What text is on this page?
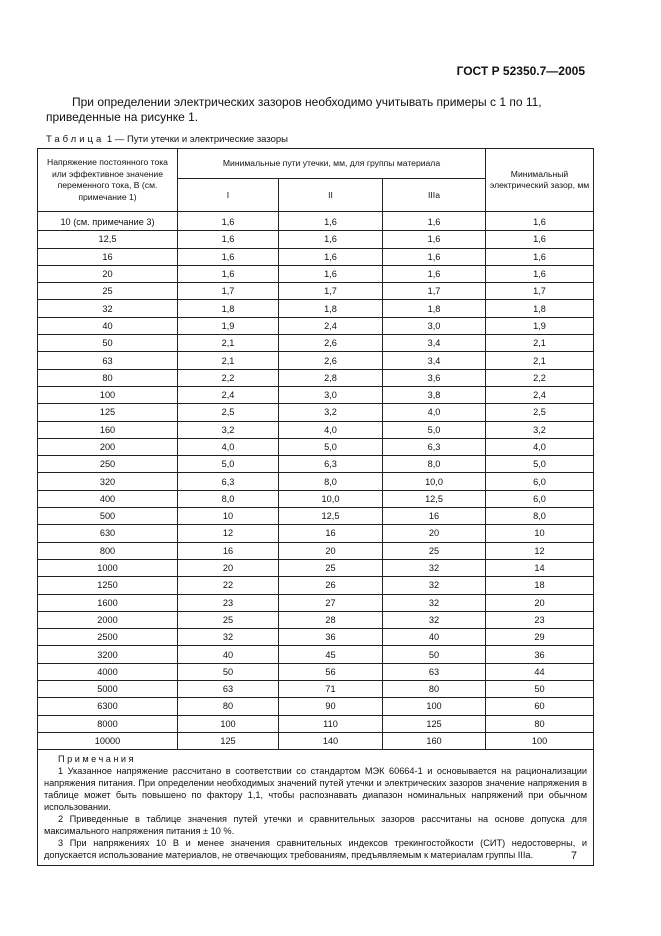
ГОСТ Р 52350.7—2005

При определении электрических зазоров необходимо учитывать примеры с 1 по 11, приведенные на рисунке 1.

Таблица 1 — Пути утечки и электрические зазоры
Напряжение постоянного тока или эффективное значение переменного тока, В (см. примечание 1)	Минимальные пути утечки, мм, для группы материала			Минимальный электрический зазор, мм
	I	II	IIIa	
10 (см. примечание 3)	1,6	1,6	1,6	1,6
12,5	1,6	1,6	1,6	1,6
16	1,6	1,6	1,6	1,6
20	1,6	1,6	1,6	1,6
25	1,7	1,7	1,7	1,7
32	1,8	1,8	1,8	1,8
40	1,9	2,4	3,0	1,9
50	2,1	2,6	3,4	2,1
63	2,1	2,6	3,4	2,1
80	2,2	2,8	3,6	2,2
100	2,4	3,0	3,8	2,4
125	2,5	3,2	4,0	2,5
160	3,2	4,0	5,0	3,2
200	4,0	5,0	6,3	4,0
250	5,0	6,3	8,0	5,0
320	6,3	8,0	10,0	6,0
400	8,0	10,0	12,5	6,0
500	10	12,5	16	8,0
630	12	16	20	10
800	16	20	25	12
1000	20	25	32	14
1250	22	26	32	18
1600	23	27	32	20
2000	25	28	32	23
2500	32	36	40	29
3200	40	45	50	36
4000	50	56	63	44
5000	63	71	80	50
6300	80	90	100	60
8000	100	110	125	80
10000	125	140	160	100

Примечания

1 Указанное напряжение рассчитано в соответствии со стандартом МЭК 60664-1 и основывается на рационализации напряжения питания. При определении необходимых значений путей утечки и электрических зазоров значение напряжения в таблице может быть повышено по фактору 1,1, чтобы распознавать диапазон номинальных напряжений при обычном использовании.

2 Приведенные в таблице значения путей утечки и сравнительных зазоров рассчитаны на основе допуска для максимального напряжения питания ± 10 %.

3 При напряжениях 10 В и менее значения сравнительных индексов трекингостойкости (СИТ) недостоверны, и допускается использование материалов, не отвечающих требованиям, предъявляемым к материалам группы IIIa.					7
